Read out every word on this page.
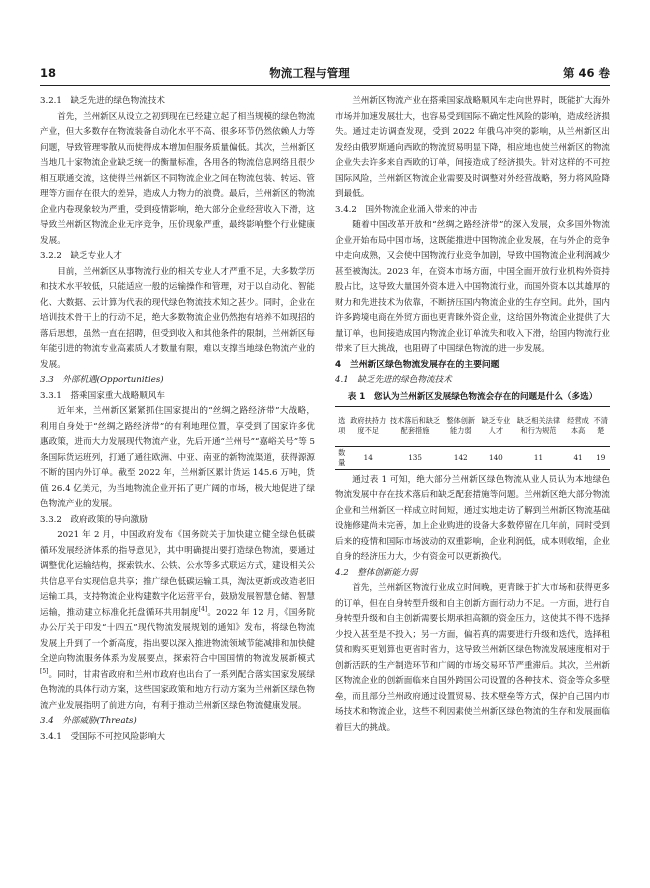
18	物流工程与管理	第 46 卷
3.2.1　缺乏先进的绿色物流技术

首先，兰州新区从设立之初到现在已经建立起了相当规模的绿色物流产业，但大多数存在物流装备自动化水平不高、很多环节仍然依赖人力等问题，导致管理零散从而使得成本增加但服务质量偏低。其次，兰州新区当地几十家物流企业缺乏统一的衡量标准，各用各的物流信息网络且很少相互联通交流，这使得兰州新区不同物流企业之间在物流包装、转运、管理等方面存在很大的差异，造成人力物力的浪费。最后，兰州新区的物流企业内卷现象较为严重，受到疫情影响，绝大部分企业经营收入下滑，这导致兰州新区物流企业无序竞争，压价现象严重，最终影响整个行业健康发展。

3.2.2　缺乏专业人才

目前，兰州新区从事物流行业的相关专业人才严重不足，大多数学历和技术水平较低，只能适应一般的运输操作和管理，对于以自动化、智能化、大数据、云计算为代表的现代绿色物流技术知之甚少。同时，企业在培训技术骨干上的行动不足，绝大多数物流企业仍然抱有培养不如现招的落后思想，虽然一直在招聘，但受到收入和其他条件的限制，兰州新区每年能引进的物流专业高素质人才数量有限，难以支撑当地绿色物流产业的发展。

3.3　外部机遇(Opportunities)
3.3.1　搭乘国家重大战略顺风车

近年来，兰州新区紧紧抓住国家提出的“丝绸之路经济带”大战略，利用自身处于“丝绸之路经济带”的有利地理位置，享受到了国家许多优惠政策，进而大力发展现代物流产业，先后开通“兰州号”“嘉峪关号”等 5 条国际货运班列，打通了通往欧洲、中亚、南亚的新物流渠道，获得源源不断的国内外订单。截至 2022 年，兰州新区累计货运 145.6 万吨，货值 26.4 亿美元，为当地物流企业开拓了更广阔的市场，极大地促进了绿色物流产业的发展。

3.3.2　政府政策的导向激励

2021 年 2 月，中国政府发布《国务院关于加快建立健全绿色低碳循环发展经济体系的指导意见》，其中明确提出要打造绿色物流，要通过调整优化运输结构，探索铁水、公铁、公水等多式联运方式，建设相关公共信息平台实现信息共享；推广绿色低碳运输工具，淘汰更新或改造老旧运输工具，支持物流企业构建数字化运营平台，鼓励发展智慧仓储、智慧运输，推动建立标准化托盘循环共用制度[4]。2022 年 12 月，《国务院办公厅关于印发“十四五”现代物流发展规划的通知》发布，将绿色物流发展上升到了一个新高度，指出要以深入推进物流领域节能减排和加快健全逆向物流服务体系为发展要点，探索符合中国国情的物流发展新模式[5]。同时，甘肃省政府和兰州市政府也出台了一系列配合落实国家发展绿色物流的具体行动方案，这些国家政策和地方行动方案为兰州新区绿色物流产业发展指明了前进方向，有利于推动兰州新区绿色物流健康发展。

3.4　外部威胁(Threats)
3.4.1　受国际不可控风险影响大

兰州新区物流产业在搭乘国家战略顺风车走向世界时，既能扩大海外市场并加速发展壮大，也容易受到国际不确定性风险的影响，造成经济损失。通过走访调查发现，受到 2022 年俄乌冲突的影响，从兰州新区出发经由俄罗斯通向西欧的物流贸易明显下降，相应地也使兰州新区的物流企业失去许多来自西欧的订单，间接造成了经济损失。针对这样的不可控国际风险，兰州新区物流企业需要及时调整对外经营战略，努力将风险降到最低。

3.4.2　国外物流企业涌入带来的冲击

随着中国改革开放和“丝绸之路经济带”的深入发展，众多国外物流企业开始布局中国市场，这既能推进中国物流企业发展，在与外企的竞争中走向成熟，又会使中国物流行业竞争加剧，导致中国物流企业利润减少甚至被淘汰。2023 年，在资本市场方面，中国全面开放行业机构外资持股占比，这导致大量国外资本进入中国物流行业，而国外资本以其雄厚的财力和先进技术为依靠，不断挤压国内物流企业的生存空间。此外，国内许多跨境电商在外贸方面也更青睐外资企业，这给国外物流企业提供了大量订单，也间接造成国内物流企业订单流失和收入下滑，给国内物流行业带来了巨大挑战，也阻碍了中国绿色物流的进一步发展。

4　兰州新区绿色物流发展存在的主要问题
4.1　缺乏先进的绿色物流技术
表 1　您认为兰州新区发展绿色物流会存在的问题是什么（多选）
选项	政府扶持力度不足	技术落后和缺乏配套措施	整体创新能力弱	缺乏专业人才	缺乏相关法律和行为规范	经营成本高	不清楚
数量	14	135	142	140	11	41	19

通过表 1 可知，绝大部分兰州新区绿色物流从业人员认为本地绿色物流发展中存在技术落后和缺乏配套措施等问题。兰州新区绝大部分物流企业和兰州新区一样成立时间短，通过实地走访了解到兰州新区物流基础设施修建尚未完善，加上企业购进的设备大多数停留在几年前，同时受到后来的疫情和国际市场波动的双重影响，企业利润低，成本则收缩，企业自身的经济压力大，少有资金可以更新换代。

4.2　整体创新能力弱

首先，兰州新区物流行业成立时间晚，更青睐于扩大市场和获得更多的订单，但在自身转型升级和自主创新方面行动力不足。一方面，进行自身转型升级和自主创新需要长期承担高额的资金压力，这使其不得不选择少投入甚至是不投入；另一方面，偏若真的需要进行升级和迭代，选择租赁和购买更划算也更省时省力，这导致兰州新区绿色物流发展速度相对于创新活跃的生产制造环节和广阔的市场交易环节严重滞后。其次，兰州新区物流企业的创新面临来自国外跨国公司设置的各种技术、资金等众多壁垒，而且部分兰州政府通过设置贸易、技术壁垒等方式，保护自己国内市场技术和物流企业，这些不利因素使兰州新区绿色物流的生存和发展面临着巨大的挑战。
